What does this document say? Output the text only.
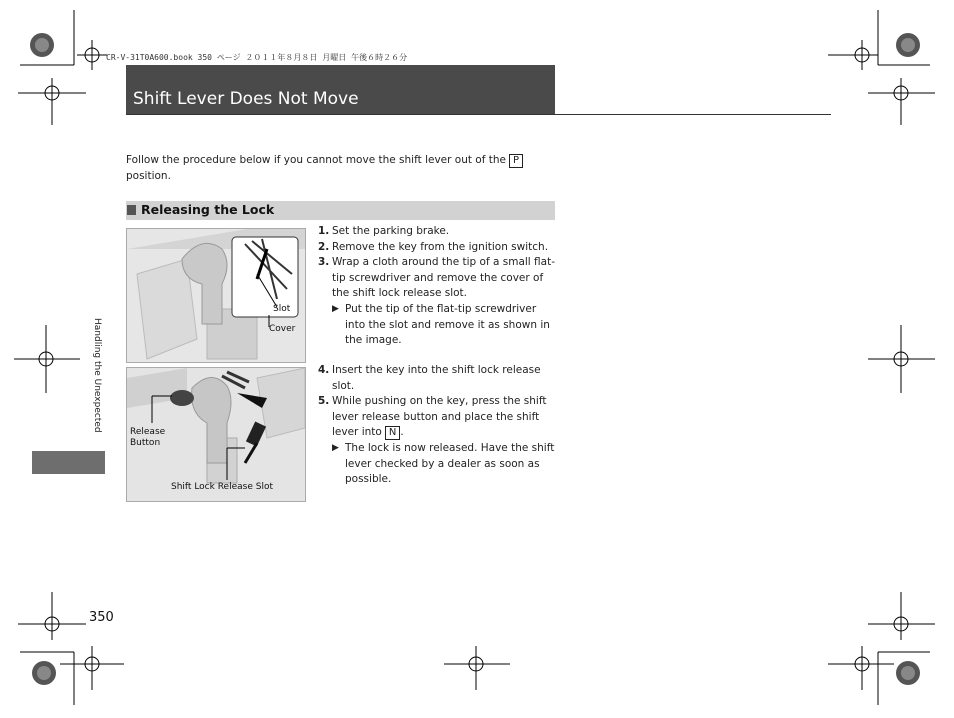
CR-V-31T0A600.book 350 ページ ２０１１年８月８日 月曜日 午後６時２６分
Shift Lever Does Not Move
Follow the procedure below if you cannot move the shift lever out of the P
position.
Releasing the Lock
Slot
Cover
Release Button
Shift Lock Release Slot
1. Set the parking brake.
2. Remove the key from the ignition switch.
3. Wrap a cloth around the tip of a small flat-tip screwdriver and remove the cover of the shift lock release slot.
▶ Put the tip of the flat-tip screwdriver into the slot and remove it as shown in the image.
4. Insert the key into the shift lock release slot.
5. While pushing on the key, press the shift lever release button and place the shift lever into N .
▶ The lock is now released. Have the shift lever checked by a dealer as soon as possible.
Handling the Unexpected
350
